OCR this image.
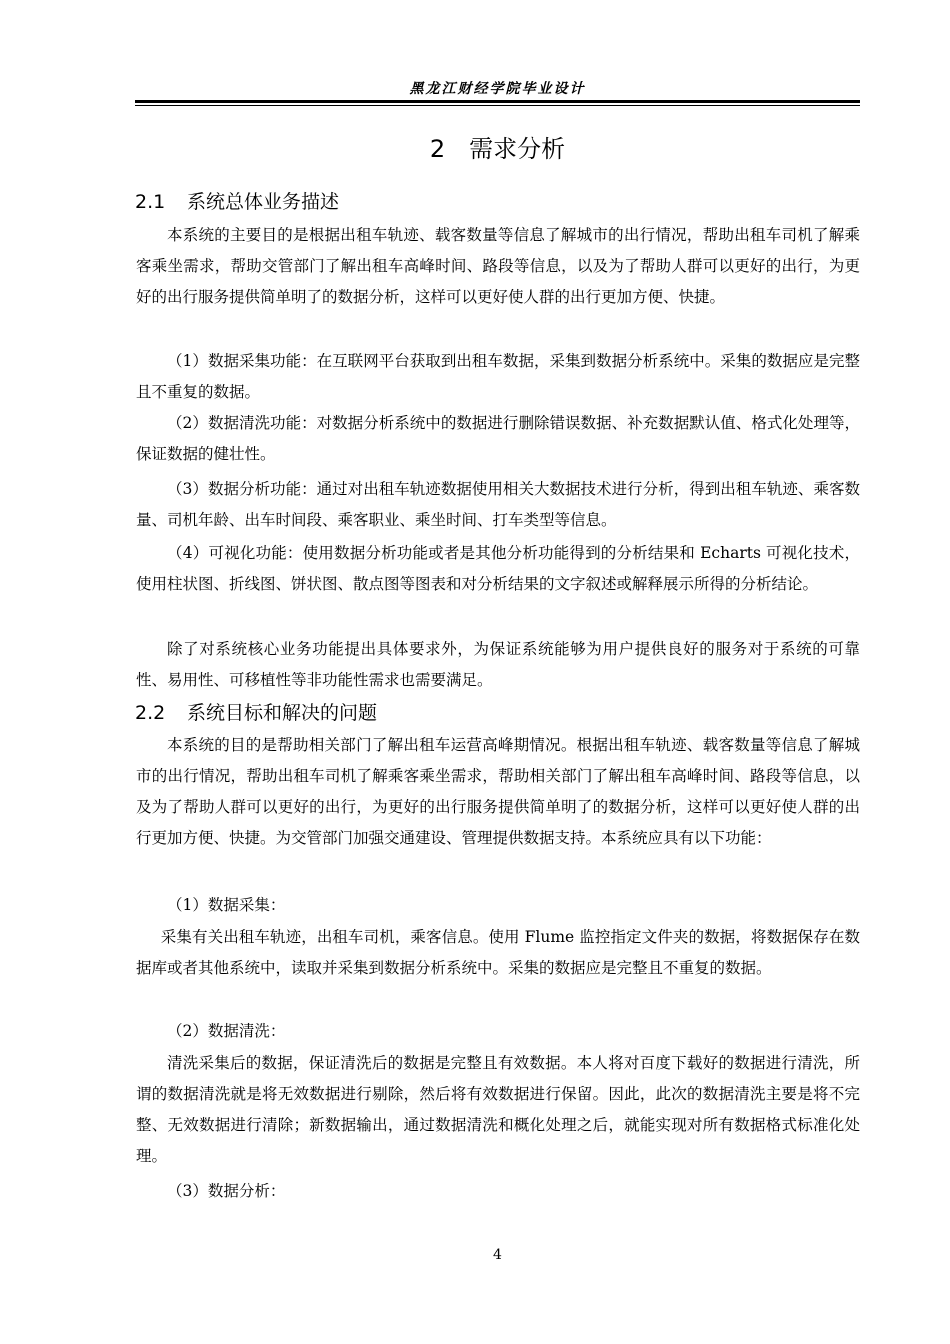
黑龙江财经学院毕业设计
2 需求分析
2.1 系统总体业务描述

本系统的主要目的是根据出租车轨迹、载客数量等信息了解城市的出行情况，帮助出租车司机了解乘客乘坐需求，帮助交管部门了解出租车高峰时间、路段等信息，以及为了帮助人群可以更好的出行，为更好的出行服务提供简单明了的数据分析，这样可以更好使人群的出行更加方便、快捷。

（1）数据采集功能：在互联网平台获取到出租车数据，采集到数据分析系统中。采集的数据应是完整且不重复的数据。

（2）数据清洗功能：对数据分析系统中的数据进行删除错误数据、补充数据默认值、格式化处理等，保证数据的健壮性。

（3）数据分析功能：通过对出租车轨迹数据使用相关大数据技术进行分析，得到出租车轨迹、乘客数量、司机年龄、出车时间段、乘客职业、乘坐时间、打车类型等信息。

（4）可视化功能：使用数据分析功能或者是其他分析功能得到的分析结果和 Echarts 可视化技术，使用柱状图、折线图、饼状图、散点图等图表和对分析结果的文字叙述或解释展示所得的分析结论。

除了对系统核心业务功能提出具体要求外，为保证系统能够为用户提供良好的服务对于系统的可靠性、易用性、可移植性等非功能性需求也需要满足。

2.2 系统目标和解决的问题

本系统的目的是帮助相关部门了解出租车运营高峰期情况。根据出租车轨迹、载客数量等信息了解城市的出行情况，帮助出租车司机了解乘客乘坐需求，帮助相关部门了解出租车高峰时间、路段等信息，以及为了帮助人群可以更好的出行，为更好的出行服务提供简单明了的数据分析，这样可以更好使人群的出行更加方便、快捷。为交管部门加强交通建设、管理提供数据支持。本系统应具有以下功能：

（1）数据采集：

采集有关出租车轨迹，出租车司机，乘客信息。使用 Flume 监控指定文件夹的数据，将数据保存在数据库或者其他系统中，读取并采集到数据分析系统中。采集的数据应是完整且不重复的数据。

（2）数据清洗：

清洗采集后的数据，保证清洗后的数据是完整且有效数据。本人将对百度下载好的数据进行清洗，所谓的数据清洗就是将无效数据进行剔除，然后将有效数据进行保留。因此，此次的数据清洗主要是将不完整、无效数据进行清除；新数据输出，通过数据清洗和概化处理之后，就能实现对所有数据格式标准化处理。

（3）数据分析：

4
